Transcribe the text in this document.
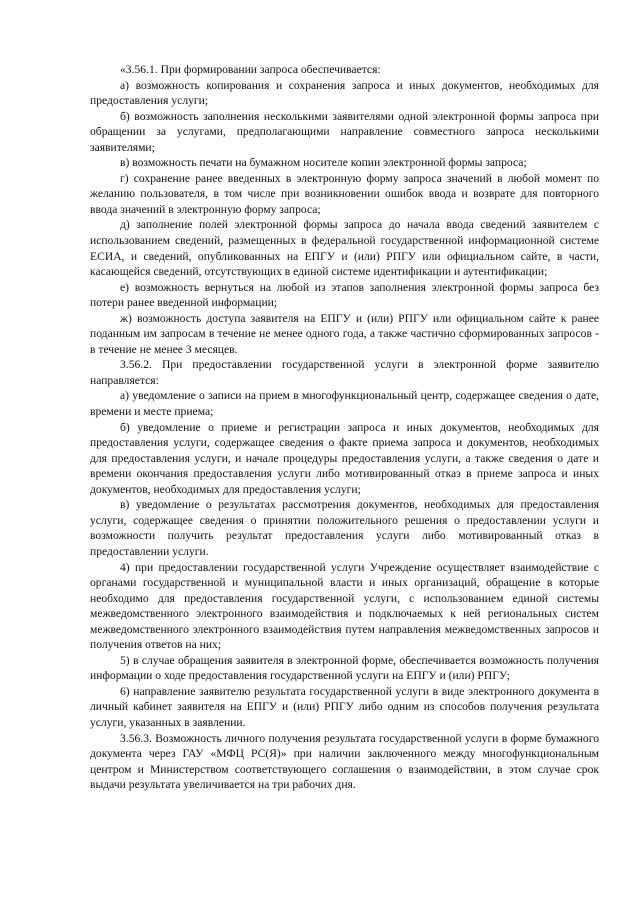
«3.56.1. При формировании запроса обеспечивается:

а) возможность копирования и сохранения запроса и иных документов, необходимых для предоставления услуги;

б) возможность заполнения несколькими заявителями одной электронной формы запроса при обращении за услугами, предполагающими направление совместного запроса несколькими заявителями;

в) возможность печати на бумажном носителе копии электронной формы запроса;

г) сохранение ранее введенных в электронную форму запроса значений в любой момент по желанию пользователя, в том числе при возникновении ошибок ввода и возврате для повторного ввода значений в электронную форму запроса;

д) заполнение полей электронной формы запроса до начала ввода сведений заявителем с использованием сведений, размещенных в федеральной государственной информационной системе ЕСИА, и сведений, опубликованных на ЕПГУ и (или) РПГУ или официальном сайте, в части, касающейся сведений, отсутствующих в единой системе идентификации и аутентификации;

е) возможность вернуться на любой из этапов заполнения электронной формы запроса без потери ранее введенной информации;

ж) возможность доступа заявителя на ЕПГУ и (или) РПГУ или официальном сайте к ранее поданным им запросам в течение не менее одного года, а также частично сформированных запросов - в течение не менее 3 месяцев.

3.56.2. При предоставлении государственной услуги в электронной форме заявителю направляется:

а) уведомление о записи на прием в многофункциональный центр, содержащее сведения о дате, времени и месте приема;

б) уведомление о приеме и регистрации запроса и иных документов, необходимых для предоставления услуги, содержащее сведения о факте приема запроса и документов, необходимых для предоставления услуги, и начале процедуры предоставления услуги, а также сведения о дате и времени окончания предоставления услуги либо мотивированный отказ в приеме запроса и иных документов, необходимых для предоставления услуги;

в) уведомление о результатах рассмотрения документов, необходимых для предоставления услуги, содержащее сведения о принятии положительного решения о предоставлении услуги и возможности получить результат предоставления услуги либо мотивированный отказ в предоставлении услуги.

4) при предоставлении государственной услуги Учреждение осуществляет взаимодействие с органами государственной и муниципальной власти и иных организаций, обращение в которые необходимо для предоставления государственной услуги, с использованием единой системы межведомственного электронного взаимодействия и подключаемых к ней региональных систем межведомственного электронного взаимодействия путем направления межведомственных запросов и получения ответов на них;

5) в случае обращения заявителя в электронной форме, обеспечивается возможность получения информации о ходе предоставления государственной услуги на ЕПГУ и (или) РПГУ;

6) направление заявителю результата государственной услуги в виде электронного документа в личный кабинет заявителя на ЕПГУ и (или) РПГУ либо одним из способов получения результата услуги, указанных в заявлении.

3.56.3. Возможность личного получения результата государственной услуги в форме бумажного документа через ГАУ «МФЦ РС(Я)» при наличии заключенного между многофункциональным центром и Министерством соответствующего соглашения о взаимодействии, в этом случае срок выдачи результата увеличивается на три рабочих дня.
